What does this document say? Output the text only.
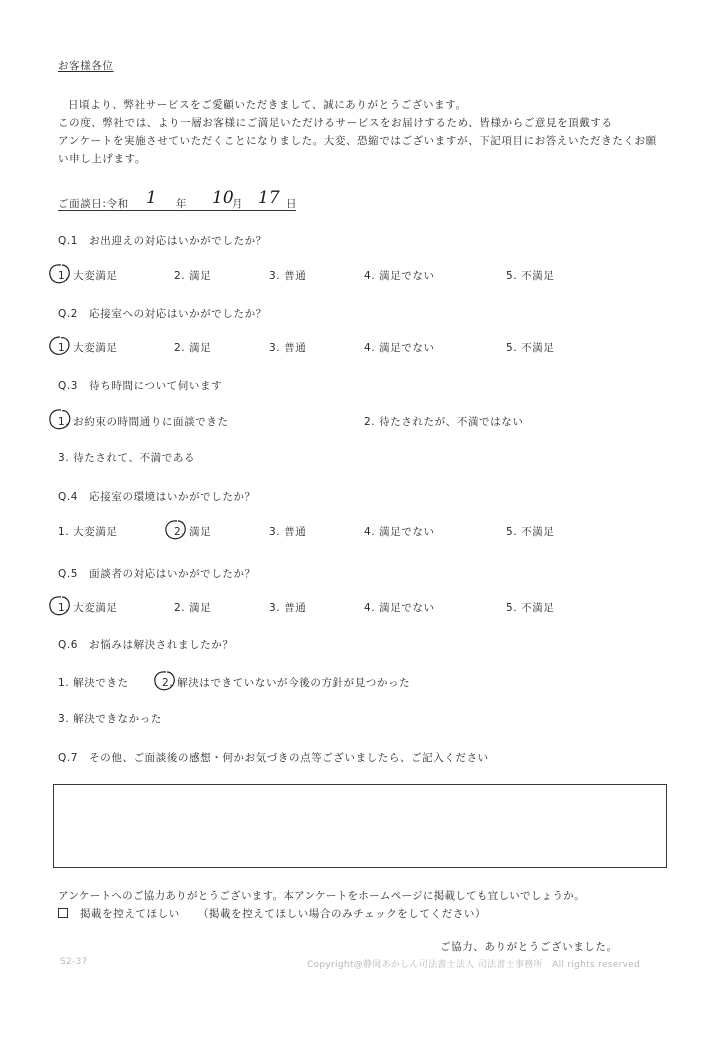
お客様各位
日頃より、弊社サービスをご愛顧いただきまして、誠にありがとうございます。
この度、弊社では、より一層お客様にご満足いただけるサービスをお届けするため、皆様からご意見を頂戴する
アンケートを実施させていただくことになりました。大変、恐縮ではございますが、下記項目にお答えいただきたくお願
い申し上げます。
ご面談日:令和 1 年 10
月 17 日
Q.1　お出迎えの対応はいかがでしたか？
1. 大変満足	2. 満足	3. 普通	4. 満足でない	5. 不満足
Q.2　応接室への対応はいかがでしたか？
1. 大変満足	2. 満足	3. 普通	4. 満足でない	5. 不満足
Q.3　待ち時間について伺います
1. お約束の時間通りに面談できた	2. 待たされたが、不満ではない
3. 待たされて、不満である
Q.4　応接室の環境はいかがでしたか？
1. 大変満足	2. 満足	3. 普通	4. 満足でない	5. 不満足
Q.5　面談者の対応はいかがでしたか？
1. 大変満足	2. 満足	3. 普通	4. 満足でない	5. 不満足
Q.6　お悩みは解決されましたか？
1. 解決できた	2. 解決はできていないが今後の方針が見つかった
3. 解決できなかった
Q.7　その他、ご面談後の感想・何かお気づきの点等ございましたら、ご記入ください
アンケートへのご協力ありがとうございます。本アンケートをホームページに掲載しても宜しいでしょうか。
掲載を控えてほしい （掲載を控えてほしい場合のみチェックをしてください）
ご協力、ありがとうございました。
S2-37	Copyright@静岡あかしん司法書士法人 司法書士事務所　All rights reserved
